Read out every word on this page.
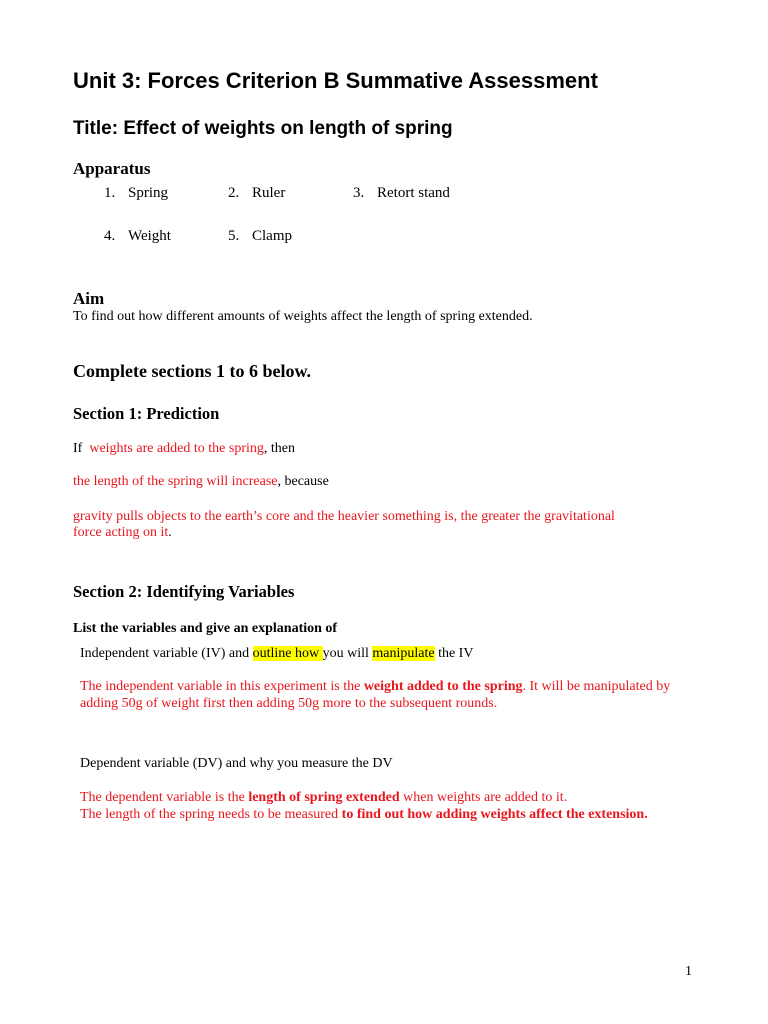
Unit 3: Forces Criterion B Summative Assessment
Title: Effect of weights on length of spring
Apparatus
1. Spring	2. Ruler	3. Retort stand
4. Weight	5. Clamp
Aim
To find out how different amounts of weights affect the length of spring extended.
Complete sections 1 to 6 below.
Section 1: Prediction
If weights are added to the spring, then
the length of the spring will increase, because
gravity pulls objects to the earth’s core and the heavier something is, the greater the gravitational
force acting on it.
Section 2: Identifying Variables
List the variables and give an explanation of
Independent variable (IV) and outline how you will manipulate the IV
The independent variable in this experiment is the weight added to the spring. It will be manipulated by
adding 50g of weight first then adding 50g more to the subsequent rounds.
Dependent variable (DV) and why you measure the DV
The dependent variable is the length of spring extended when weights are added to it.
The length of the spring needs to be measured to find out how adding weights affect the extension.
1
